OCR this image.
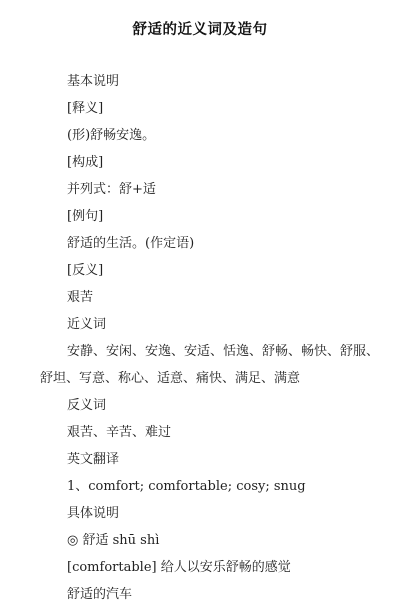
舒适的近义词及造句
基本说明
[释义]
(形)舒畅安逸。
[构成]
并列式：舒+适
[例句]
舒适的生活。(作定语)
[反义]
艰苦
近义词
安静、安闲、安逸、安适、恬逸、舒畅、畅快、舒服、
舒坦、写意、称心、适意、痛快、满足、满意
反义词
艰苦、辛苦、难过
英文翻译
1、comfort; comfortable; cosy; snug
具体说明
◎ 舒适 shū shì
[comfortable] 给人以安乐舒畅的感觉
舒适的汽车
